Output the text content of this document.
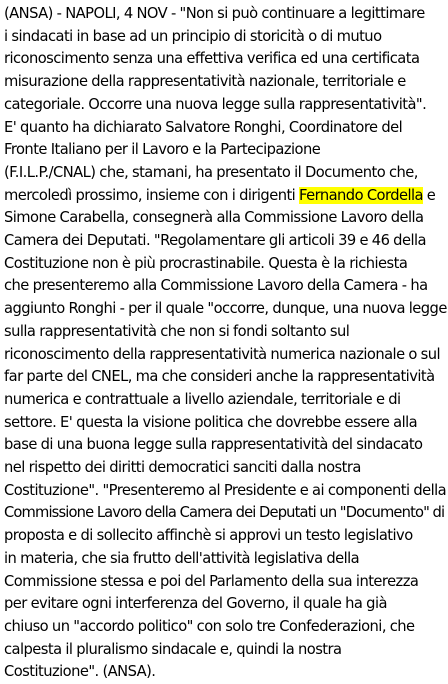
(ANSA) - NAPOLI, 4 NOV - "Non si può continuare a legittimare
i sindacati in base ad un principio di storicità o di mutuo
riconoscimento senza una effettiva verifica ed una certificata
misurazione della rappresentatività nazionale, territoriale e
categoriale. Occorre una nuova legge sulla rappresentatività".
E' quanto ha dichiarato Salvatore Ronghi, Coordinatore del
Fronte Italiano per il Lavoro e la Partecipazione
(F.I.L.P./CNAL) che, stamani, ha presentato il Documento che,
mercoledì prossimo, insieme con i dirigenti Fernando Cordella e
Simone Carabella, consegnerà alla Commissione Lavoro della
Camera dei Deputati. "Regolamentare gli articoli 39 e 46 della
Costituzione non è più procrastinabile. Questa è la richiesta
che presenteremo alla Commissione Lavoro della Camera - ha
aggiunto Ronghi - per il quale "occorre, dunque, una nuova legge
sulla rappresentatività che non si fondi soltanto sul
riconoscimento della rappresentatività numerica nazionale o sul
far parte del CNEL, ma che consideri anche la rappresentatività
numerica e contrattuale a livello aziendale, territoriale e di
settore. E' questa la visione politica che dovrebbe essere alla
base di una buona legge sulla rappresentatività del sindacato
nel rispetto dei diritti democratici sanciti dalla nostra
Costituzione". "Presenteremo al Presidente e ai componenti della
Commissione Lavoro della Camera dei Deputati un "Documento" di
proposta e di sollecito affinchè si approvi un testo legislativo
in materia, che sia frutto dell'attività legislativa della
Commissione stessa e poi del Parlamento della sua interezza
per evitare ogni interferenza del Governo, il quale ha già
chiuso un "accordo politico" con solo tre Confederazioni, che
calpesta il pluralismo sindacale e, quindi la nostra
Costituzione". (ANSA).
